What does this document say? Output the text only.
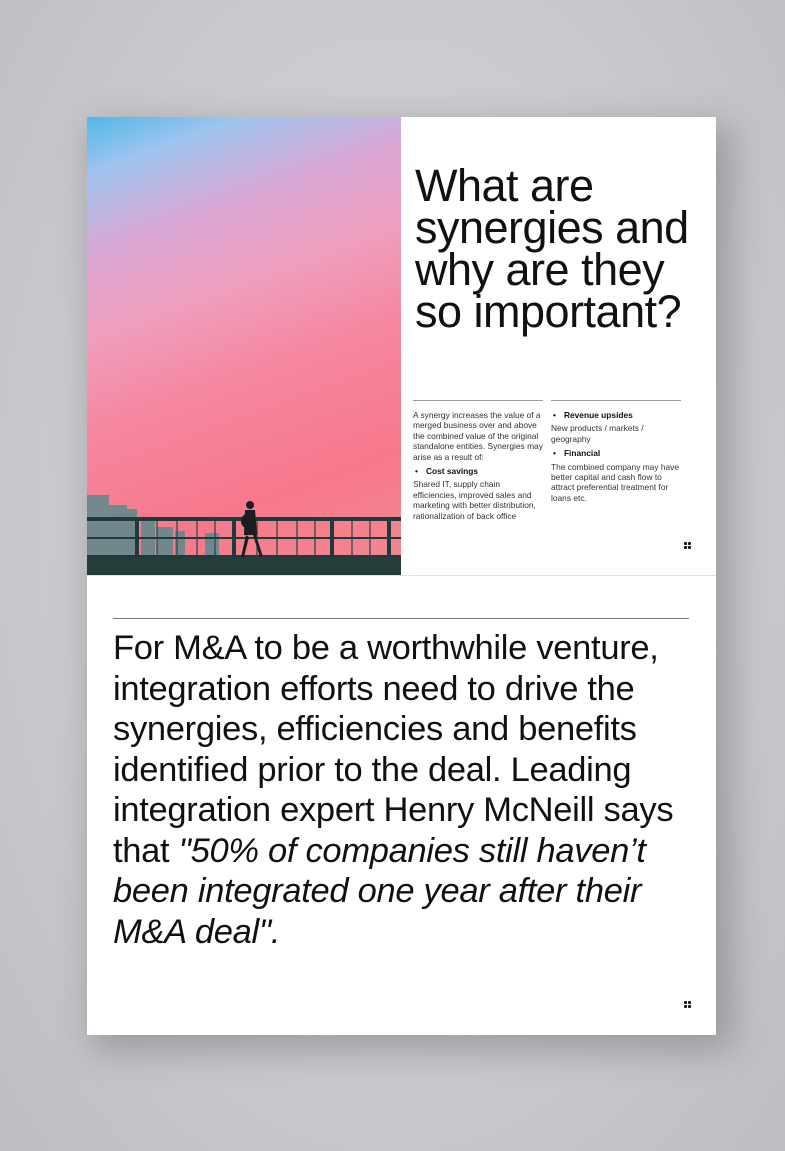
What are synergies and why are they so important?

A synergy increases the value of a merged business over and above the combined value of the original standalone entities. Synergies may arise as a result of:

• Cost savings

Shared IT, supply chain efficiencies, improved sales and marketing with better distribution, rationalization of back office

• Revenue upsides

New products / markets / geography

• Financial

The combined company may have better capital and cash flow to attract preferential treatment for loans etc.

For M&A to be a worthwhile venture, integration efforts need to drive the synergies, efficiencies and benefits identified prior to the deal. Leading integration expert Henry McNeill says that "50% of companies still haven’t been integrated one year after their M&A deal".
